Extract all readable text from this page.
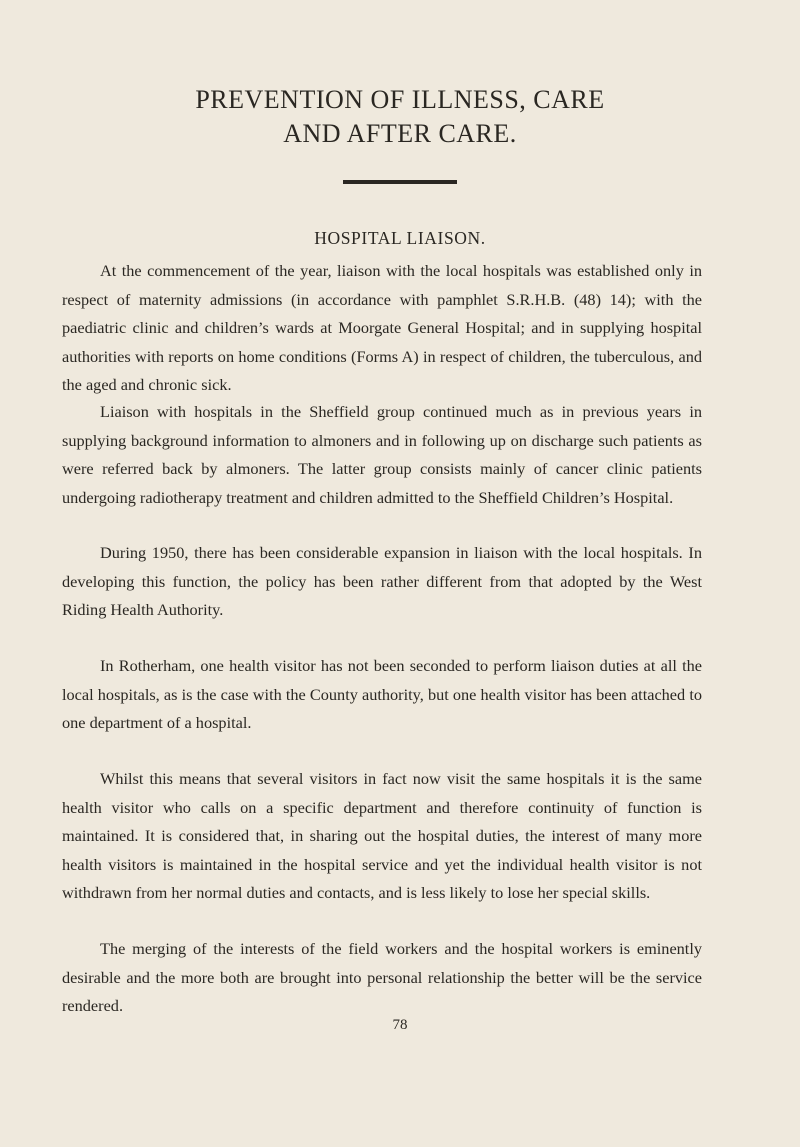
PREVENTION OF ILLNESS, CARE
AND AFTER CARE.
HOSPITAL LIAISON.

At the commencement of the year, liaison with the local hospitals was established only in respect of maternity admissions (in accordance with pamphlet S.R.H.B. (48) 14); with the paediatric clinic and children’s wards at Moorgate General Hospital; and in supplying hospital authorities with reports on home conditions (Forms A) in respect of children, the tuberculous, and the aged and chronic sick.

Liaison with hospitals in the Sheffield group continued much as in previous years in supplying background information to almoners and in following up on discharge such patients as were referred back by almoners. The latter group consists mainly of cancer clinic patients undergoing radiotherapy treatment and children admitted to the Sheffield Children’s Hospital.

During 1950, there has been considerable expansion in liaison with the local hospitals. In developing this function, the policy has been rather different from that adopted by the West Riding Health Authority.

In Rotherham, one health visitor has not been seconded to perform liaison duties at all the local hospitals, as is the case with the County authority, but one health visitor has been attached to one department of a hospital.

Whilst this means that several visitors in fact now visit the same hospitals it is the same health visitor who calls on a specific department and therefore continuity of function is maintained. It is considered that, in sharing out the hospital duties, the interest of many more health visitors is maintained in the hospital service and yet the individual health visitor is not withdrawn from her normal duties and contacts, and is less likely to lose her special skills.

The merging of the interests of the field workers and the hospital workers is eminently desirable and the more both are brought into personal relationship the better will be the service rendered.

78
